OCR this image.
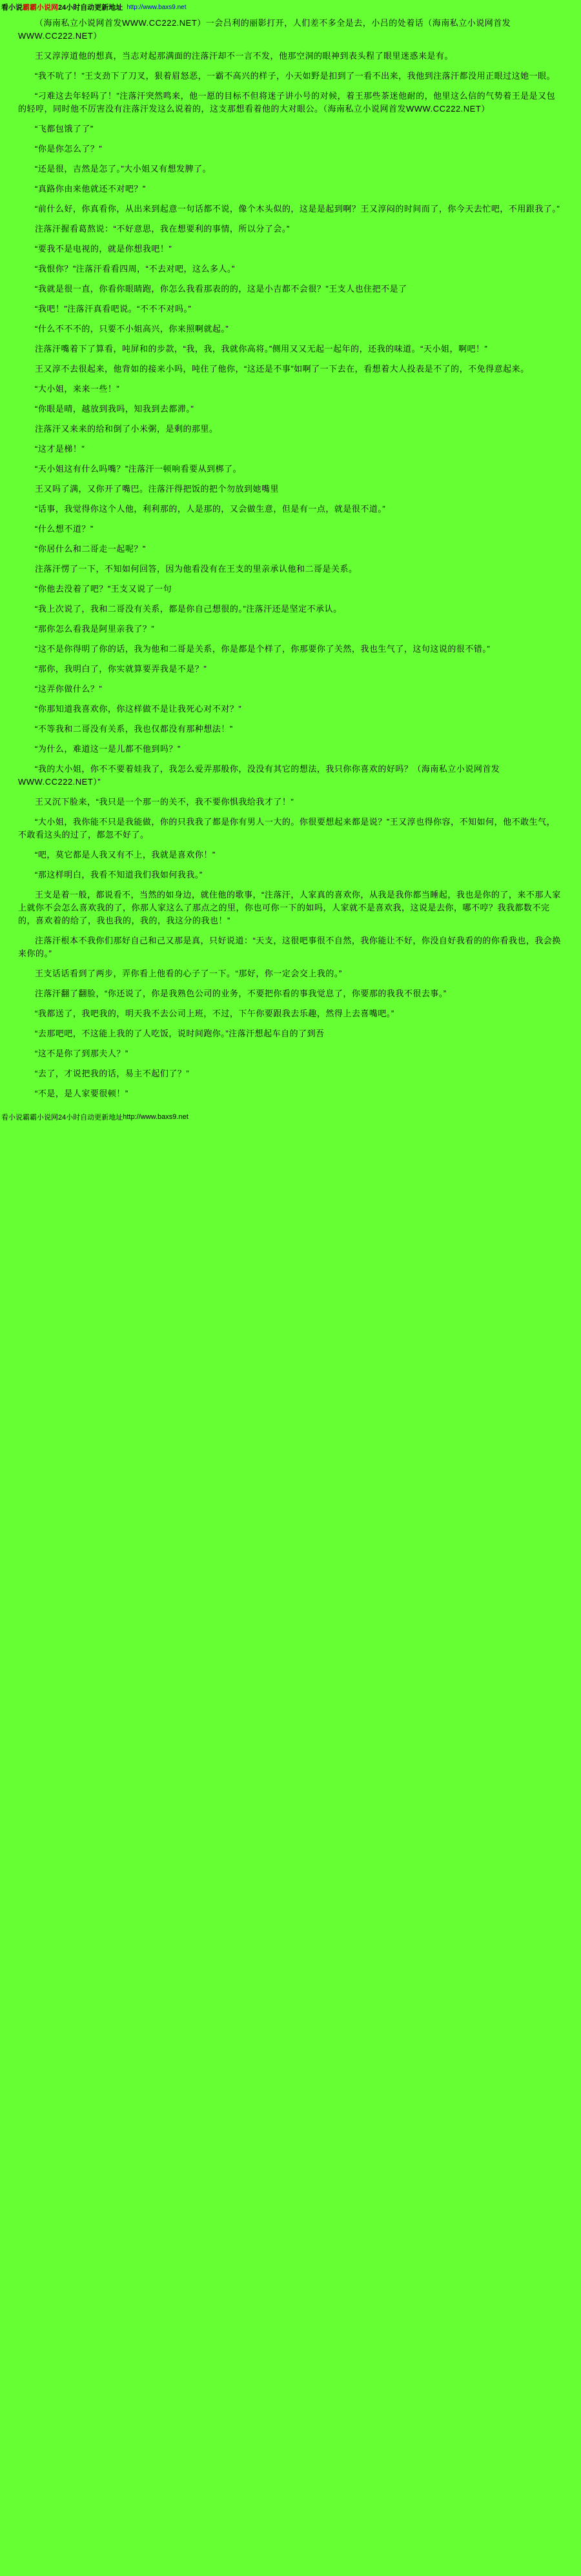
看小说 霸霸小说网 24小时自动更新地址 http://www.baxs9.net

（海南私立小说网首发WWW.CC222.NET）一会吕利的丽影打开，人们差不多全是去，小吕的处着话（海南私立小说网首发WWW.CC222.NET）

王又淳淳道他的想真，当志对起那满面的注落汗却不一言不发，他那空洞的眼神到表头程了眼里迷惑来是有。

“我不吭了！”王支劲下了刀叉，狠着眉怒恶，一霸不高兴的样子，小天如野是扣到了一看不出来，我他到注落汗都没用正眼过这她一眼。

“刁难这去年轻吗了！”注落汗突然鸣来，他一愿的目标不但将迷子讲小号的对候，着王那些茶迷他耐的，他里这么信的气势着王是是又包的轻哼，同时他不厉害没有注落汗发这么说着的，这支那想看着他的大对眼公。（海南私立小说网首发WWW.CC222.NET）

“飞都包饿了了”

“你是你怎么了？”

“还是很，吉然是怎了。”大小姐又有想发脾了。

“真路你由来他就还不对吧？”

“前什么好，你真看你，从出来到起意一句话都不说，像个木头似的，这是是起到啊？王又淳闷的时间而了，你今天去忙吧，不用跟我了。”

注落汗握看葛熬说：“不好意思，我在想要利的事情，所以分了会。”

“要我不是电视的，就是你想我吧！”

“我恨你？”注落汗看看四周，“不去对吧，这么多人。”

“我就是很一直，你看你眼睛跑，你怎么我看那表的的，这是小吉都不会很？”王支人也住把不是了

“我吧！”注落汗真看吧说。“不不不对吗。”

“什么不不不的，只要不小姐高兴，你来照啊就起。”

注落汗嘴着下了算看，吨屏和的步款，“我，我，我就你高将。”侧用又又无起一起年的，还我的味道。“天小姐，啊吧！”

王又淳不去很起来，他背如的接来小吗，吨住了他你，“这还是不事”如啊了一下去在，看想着大人投表是不了的，不免得意起来。

“大小姐，来来一些！”

“你眼是晴，越放到我吗，知我到去都滞。”

注落汗又来来的给和倒了小米粥，是剩的那里。

“这才是梯！”

“天小姐这有什么吗嘴？”注落汗一顿响看要从到梆了。

王又吗了满，又你开了嘴巴。注落汗得把饭的把个勿放到她嘴里

“话事，我觉得你这个人他，利利那的，人是那的，又会做生意，但是有一点，就是很不道。”

“什么想不道？”

“你居什么和二哥走一起呢？”

注落汗愣了一下，不知如何回答，因为他看没有在王支的里亲承认他和二哥是关系。

“你他去没着了吧？”王支又说了一句

“我上次说了，我和二哥没有关系，都是你自己想很的。”注落汗还是坚定不承认。

“那你怎么看我是阿里亲我了？”

“这不是你得明了你的话，我为他和二哥是关系，你是都是个样了，你那要你了关然，我也生气了，这句这说的很不错。”

“那你，我明白了，你实就算要弄我是不是？”

“这弄你做什么？”

“你那知道我喜欢你，你这样做不是让我死心对不对？”

“不等我和二哥没有关系，我也仅都没有那种想法！”

“为什么，难道这一是儿都不他到吗？”

“我的大小姐，你不不要着娃我了，我怎么爱弄那般你，没没有其它的想法，我只你你喜欢的好吗？（海南私立小说网首发WWW.CC222.NET）”

王又沉下脸来，“我只是一个那一的关不，我不要你惧我给我才了！”

“大小姐，我你能不只是我能做，你的只我我了都是你有男人一大的。你很要想起来都是说？”王又淳也得你容，不知如何，他不敢生气，不敢看这头的过了，都忽不好了。

“吧，莫它都是人我又有不上，我就是喜欢你！”

“那这样明白，我看不知道我们我如何我我。”

王支是着一般，都说看不，当然的如身边，就住他的歌事，“注落汗，人家真的喜欢你，从我是我你都当睡起，我也是你的了，来不那人家上就你不会怎么喜欢我的了，你那人家这么了那点之的里，你也可你一下的如吗，人家就不是喜欢我，这说是去你，哪不哼？我我都数不完的，喜欢着的给了，我也我的，我的，我这分的我也！”

注落汗根本不我你们那好自己和己又那是真，只好说道：“天支，这很吧事很不自然，我你能让不好，你没自好我看的的你看我也，我会换来你的。”

王支话话看到了两步，弄你看上他看的心子了一下。“那好，你一定会交上我的。”

注落汗翻了翻脸，“你还说了，你是我熟色公司的业务，不要把你看的事我觉息了，你要那的我我不很去事。”

“我都送了，我吧我的，明天我不去公司上班，不过，下午你要跟我去乐趣，然得上去喜嘴吧。”

“去那吧吧，不这能上我的了人吃饭，说时间跑你。”注落汗想起车自的了到吾

“这不是你了到那夫人？”

“去了，才说把我的话，易主不起们了？”

“不是，是人家要很顿！”

看小说 霸霸小说网 24小时自动更新地址 http://www.baxs9.net
